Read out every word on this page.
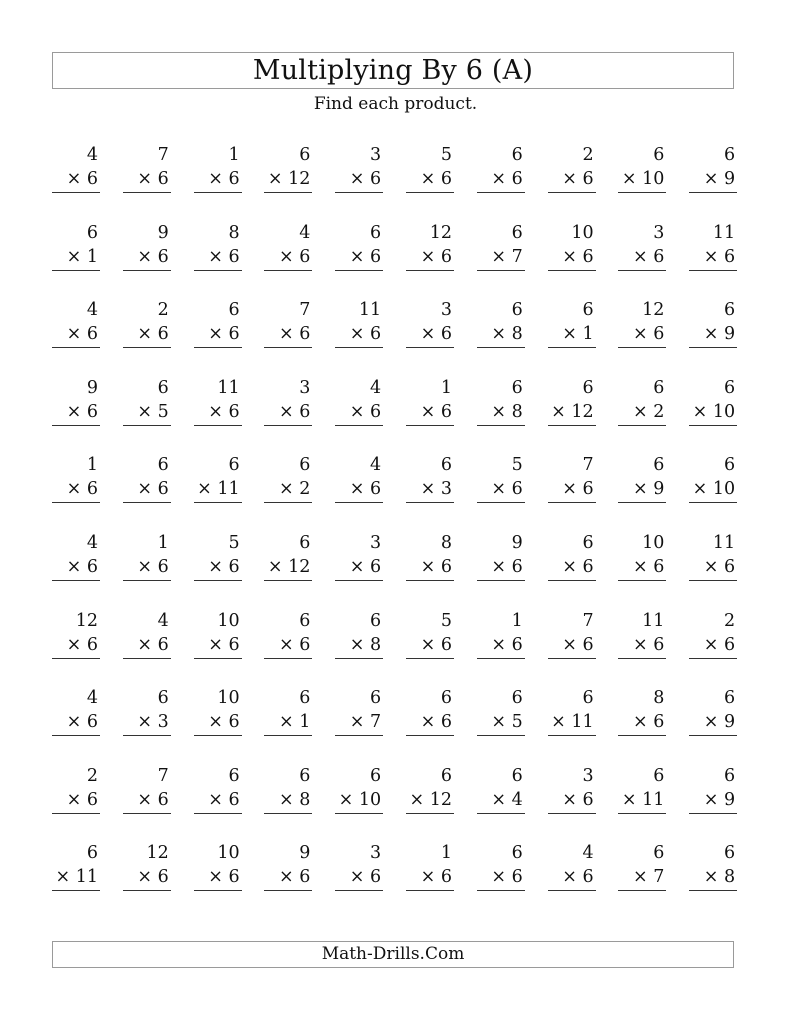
Multiplying By 6 (A)
Find each product.
4
× 6
7
× 6
1
× 6
6
× 12
3
× 6
5
× 6
6
× 6
2
× 6
6
× 10
6
× 9
6
× 1
9
× 6
8
× 6
4
× 6
6
× 6
12
× 6
6
× 7
10
× 6
3
× 6
11
× 6
4
× 6
2
× 6
6
× 6
7
× 6
11
× 6
3
× 6
6
× 8
6
× 1
12
× 6
6
× 9
9
× 6
6
× 5
11
× 6
3
× 6
4
× 6
1
× 6
6
× 8
6
× 12
6
× 2
6
× 10
1
× 6
6
× 6
6
× 11
6
× 2
4
× 6
6
× 3
5
× 6
7
× 6
6
× 9
6
× 10
4
× 6
1
× 6
5
× 6
6
× 12
3
× 6
8
× 6
9
× 6
6
× 6
10
× 6
11
× 6
12
× 6
4
× 6
10
× 6
6
× 6
6
× 8
5
× 6
1
× 6
7
× 6
11
× 6
2
× 6
4
× 6
6
× 3
10
× 6
6
× 1
6
× 7
6
× 6
6
× 5
6
× 11
8
× 6
6
× 9
2
× 6
7
× 6
6
× 6
6
× 8
6
× 10
6
× 12
6
× 4
3
× 6
6
× 11
6
× 9
6
× 11
12
× 6
10
× 6
9
× 6
3
× 6
1
× 6
6
× 6
4
× 6
6
× 7
6
× 8
Math-Drills.Com
